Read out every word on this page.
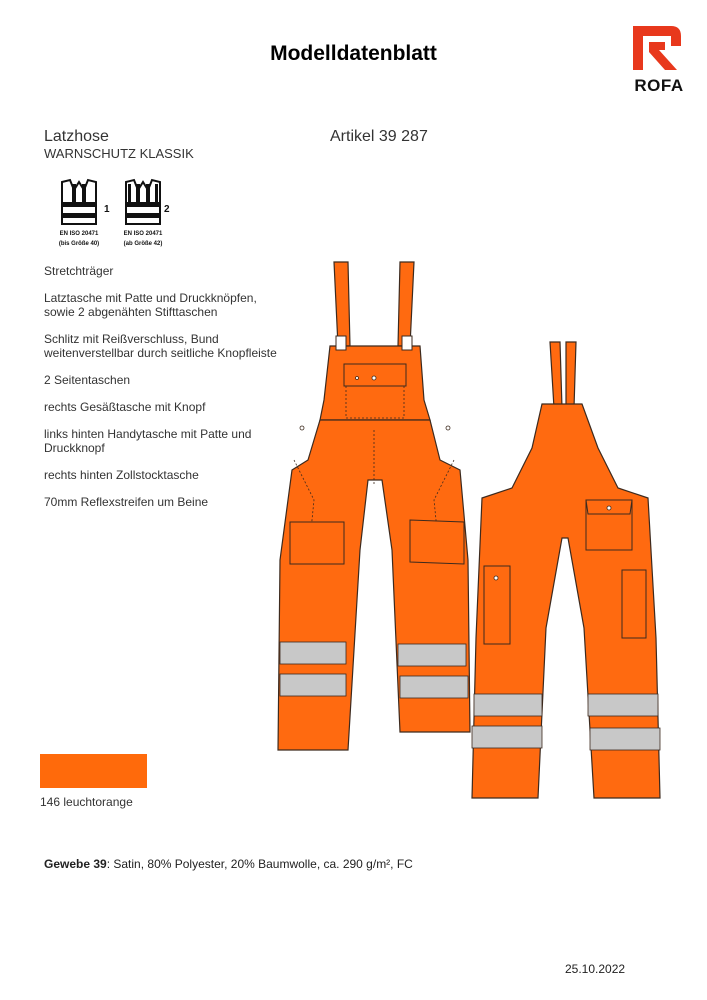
Modelldatenblatt
ROFA
Latzhose
WARNSCHUTZ KLASSIK
Artikel 39 287
1
EN ISO 20471
(bis Größe 40)
2
EN ISO 20471
(ab Größe 42)
Stretchträger
Latztasche mit Patte und Druckknöpfen, sowie 2 abgenähten Stifttaschen
Schlitz mit Reißverschluss, Bund weitenverstellbar durch seitliche Knopfleiste
2 Seitentaschen
rechts Gesäßtasche mit Knopf
links hinten Handytasche mit Patte und Druckknopf
rechts hinten Zollstocktasche
70mm Reflexstreifen um Beine
146 leuchtorange
Gewebe 39: Satin, 80% Polyester, 20% Baumwolle, ca. 290 g/m², FC
25.10.2022
